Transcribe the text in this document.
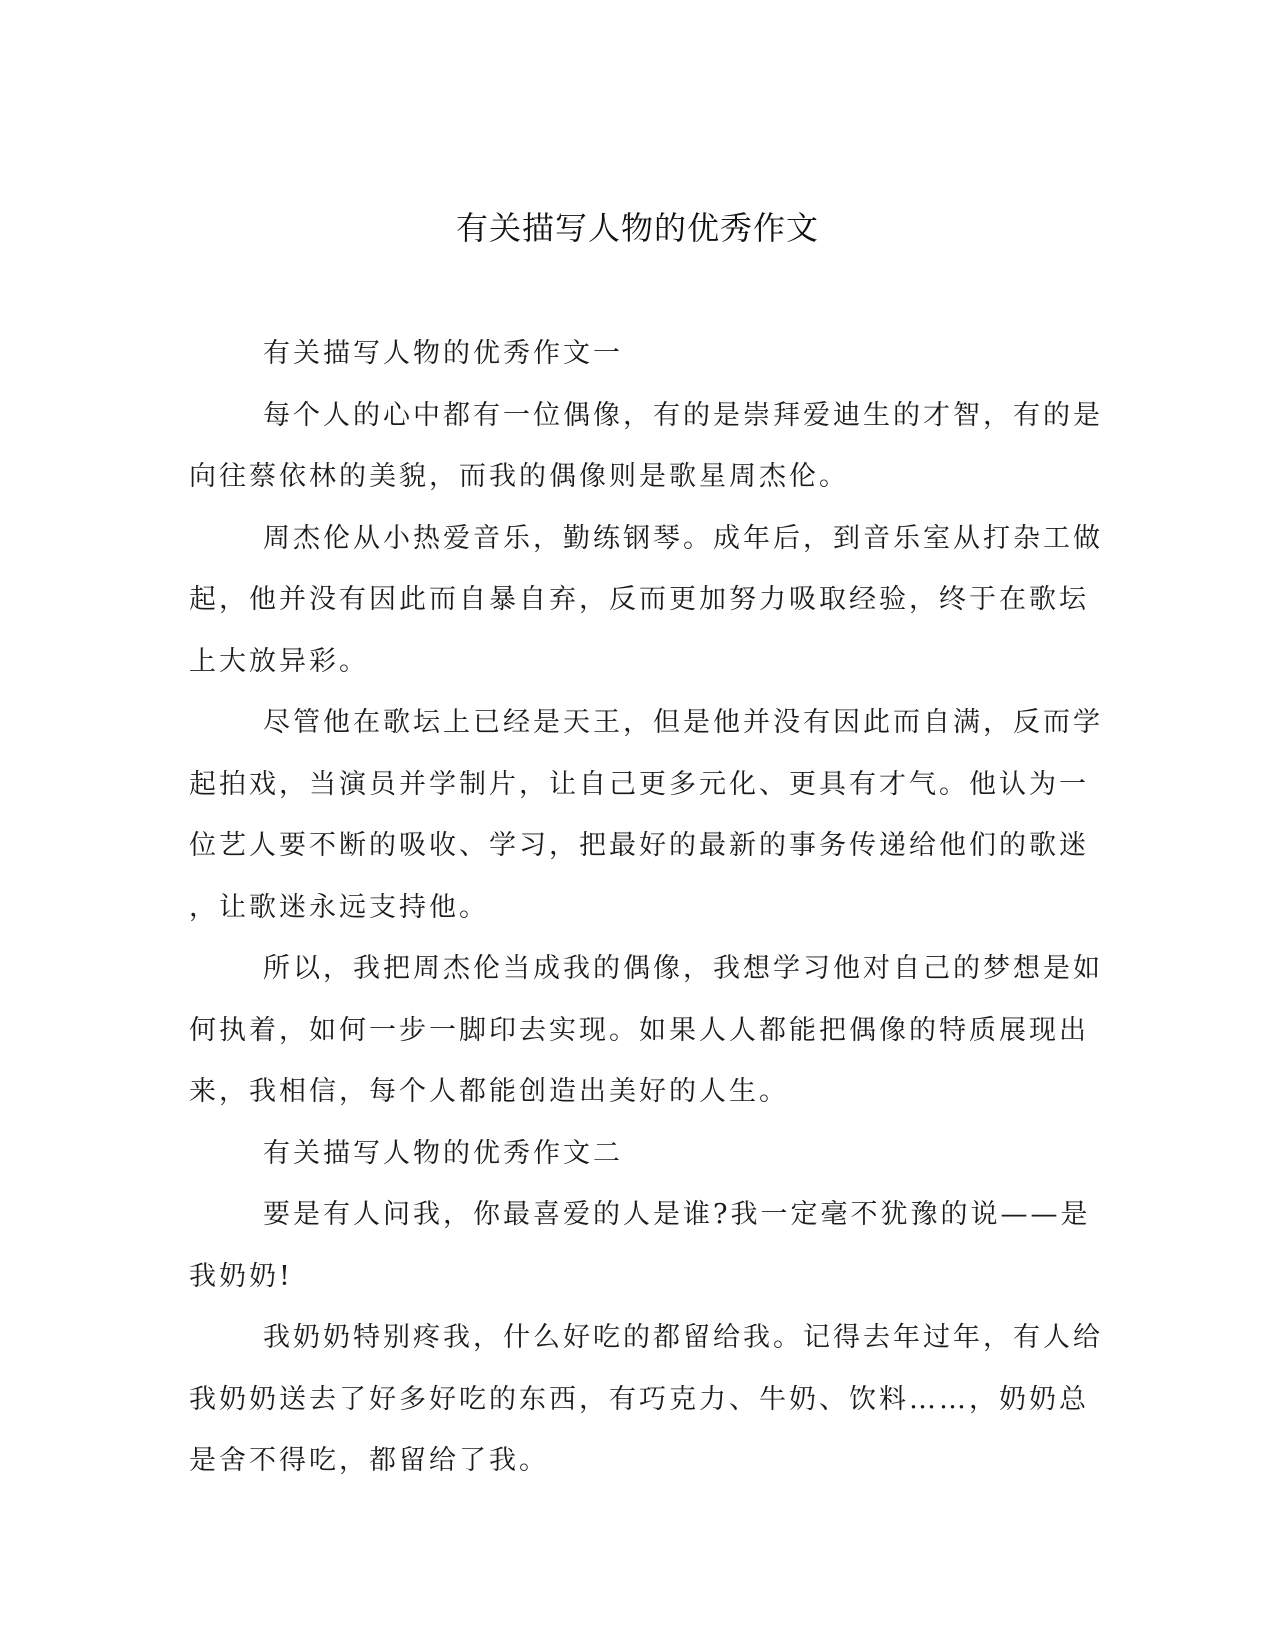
有关描写人物的优秀作文
有关描写人物的优秀作文一
每个人的心中都有一位偶像，有的是崇拜爱迪生的才智，有的是
向往蔡依林的美貌，而我的偶像则是歌星周杰伦。
周杰伦从小热爱音乐，勤练钢琴。成年后，到音乐室从打杂工做
起，他并没有因此而自暴自弃，反而更加努力吸取经验，终于在歌坛
上大放异彩。
尽管他在歌坛上已经是天王，但是他并没有因此而自满，反而学
起拍戏，当演员并学制片，让自己更多元化、更具有才气。他认为一
位艺人要不断的吸收、学习，把最好的最新的事务传递给他们的歌迷
，让歌迷永远支持他。
所以，我把周杰伦当成我的偶像，我想学习他对自己的梦想是如
何执着，如何一步一脚印去实现。如果人人都能把偶像的特质展现出
来，我相信，每个人都能创造出美好的人生。
有关描写人物的优秀作文二
要是有人问我，你最喜爱的人是谁?我一定毫不犹豫的说——是
我奶奶!
我奶奶特别疼我，什么好吃的都留给我。记得去年过年，有人给
我奶奶送去了好多好吃的东西，有巧克力、牛奶、饮料……，奶奶总
是舍不得吃，都留给了我。
